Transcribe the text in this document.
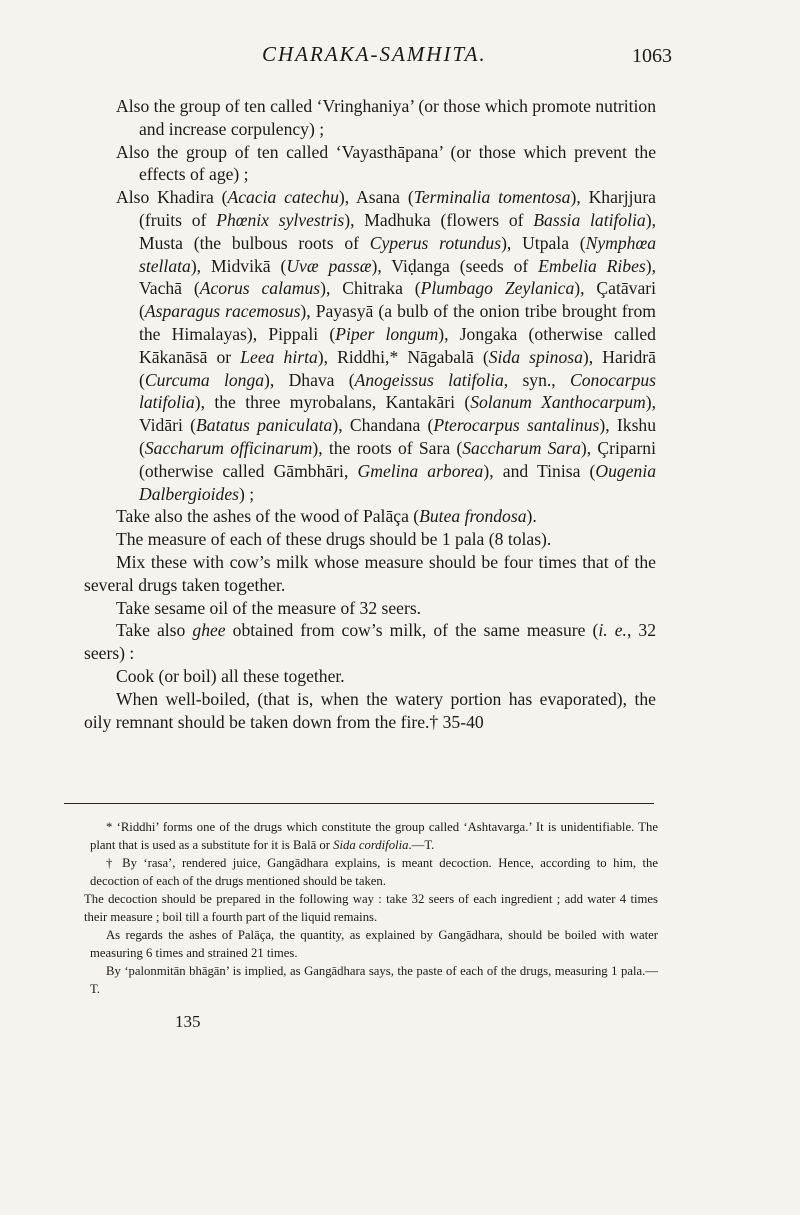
CHARAKA-SAMHITA.	1063

Also the group of ten called ‘Vringhaniya’ (or those which promote nutrition and increase corpulency) ;

Also the group of ten called ‘Vayasthāpana’ (or those which prevent the effects of age) ;

Also Khadira (Acacia catechu), Asana (Terminalia tomentosa), Kharjjura (fruits of Phœnix sylvestris), Madhuka (flowers of Bassia latifolia), Musta (the bulbous roots of Cyperus rotundus), Utpala (Nymphœa stellata), Midvikā (Uvæ passæ), Viḍanga (seeds of Embelia Ribes), Vachā (Acorus calamus), Chitraka (Plumbago Zeylanica), Çatāvari (Asparagus racemosus), Payasyā (a bulb of the onion tribe brought from the Himalayas), Pippali (Piper longum), Jongaka (otherwise called Kākanāsā or Leea hirta), Riddhi,* Nāgabalā (Sida spinosa), Haridrā (Curcuma longa), Dhava (Anogeissus latifolia, syn., Conocarpus latifolia), the three myrobalans, Kantakāri (Solanum Xanthocarpum), Vidāri (Batatus paniculata), Chandana (Pterocarpus santalinus), Ikshu (Saccharum officinarum), the roots of Sara (Saccharum Sara), Çriparni (otherwise called Gāmbhāri, Gmelina arborea), and Tinisa (Ougenia Dalbergioides) ;

Take also the ashes of the wood of Palāça (Butea frondosa).

The measure of each of these drugs should be 1 pala (8 tolas).

Mix these with cow’s milk whose measure should be four times that of the several drugs taken together.

Take sesame oil of the measure of 32 seers.

Take also ghee obtained from cow’s milk, of the same measure (i. e., 32 seers) :

Cook (or boil) all these together.

When well-boiled, (that is, when the watery portion has evaporated), the oily remnant should be taken down from the fire.† 35-40

* ‘Riddhi’ forms one of the drugs which constitute the group called ‘Ashtavarga.’ It is unidentifiable. The plant that is used as a substitute for it is Balā or Sida cordifolia.—T.

† By ‘rasa’, rendered juice, Gangādhara explains, is meant decoction. Hence, according to him, the decoction of each of the drugs mentioned should be taken.

The decoction should be prepared in the following way : take 32 seers of each ingredient ; add water 4 times their measure ; boil till a fourth part of the liquid remains.

As regards the ashes of Palāça, the quantity, as explained by Gangādhara, should be boiled with water measuring 6 times and strained 21 times.

By ‘palonmitān bhāgān’ is implied, as Gangādhara says, the paste of each of the drugs, measuring 1 pala.—T.

135
